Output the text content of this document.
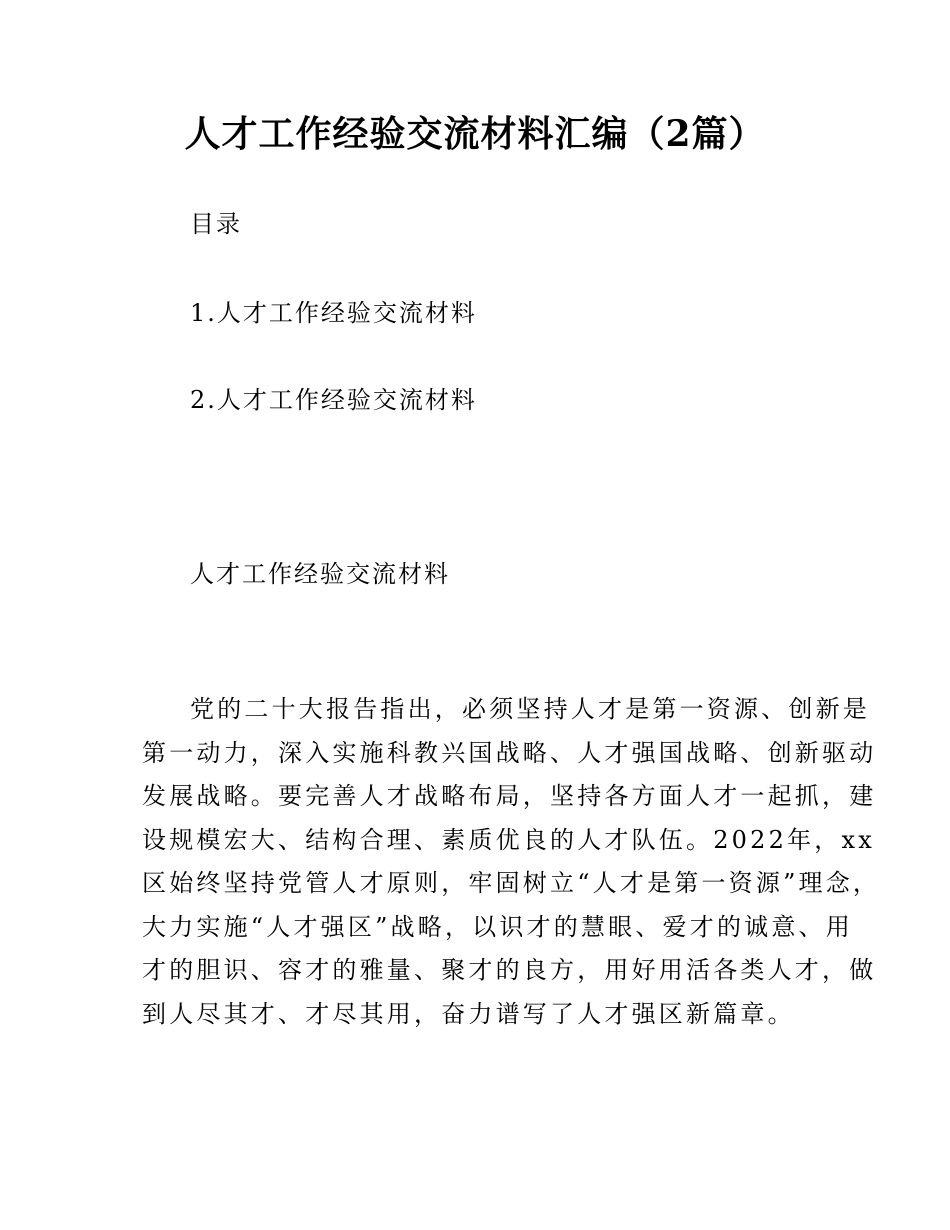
人才工作经验交流材料汇编（2篇）
目录
1.人才工作经验交流材料
2.人才工作经验交流材料
人才工作经验交流材料
党的二十大报告指出，必须坚持人才是第一资源、创新是
第一动力，深入实施科教兴国战略、人才强国战略、创新驱动
发展战略。要完善人才战略布局，坚持各方面人才一起抓，建
设规模宏大、结构合理、素质优良的人才队伍。2022年，xx
区始终坚持党管人才原则，牢固树立“人才是第一资源”理念，
大力实施“人才强区”战略，以识才的慧眼、爱才的诚意、用
才的胆识、容才的雅量、聚才的良方，用好用活各类人才，做
到人尽其才、才尽其用，奋力谱写了人才强区新篇章。
